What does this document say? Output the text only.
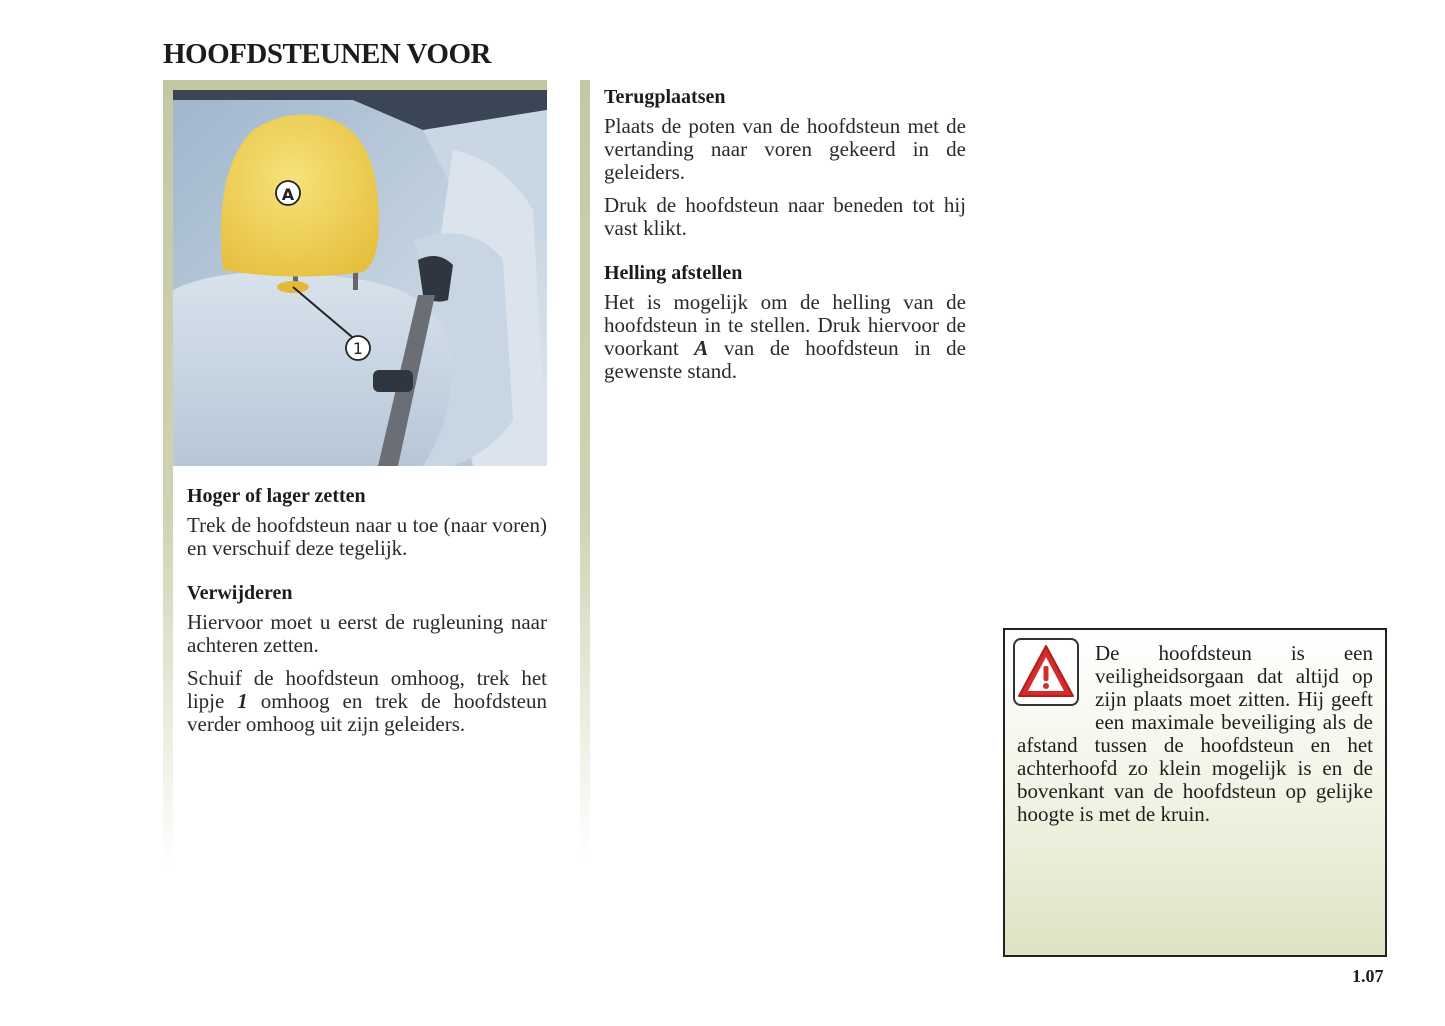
HOOFDSTEUNEN VOOR
A
1
Hoger of lager zetten

Trek de hoofdsteun naar u toe (naar voren) en verschuif deze tegelijk.

Verwijderen

Hiervoor moet u eerst de rugleuning naar achteren zetten.

Schuif de hoofdsteun omhoog, trek het lipje 1 omhoog en trek de hoofdsteun verder omhoog uit zijn geleiders.

Terugplaatsen

Plaats de poten van de hoofdsteun met de vertanding naar voren gekeerd in de geleiders.

Druk de hoofdsteun naar beneden tot hij vast klikt.

Helling afstellen

Het is mogelijk om de helling van de hoofdsteun in te stellen. Druk hiervoor de voorkant A van de hoofdsteun in de gewenste stand.

De hoofdsteun is een veiligheidsorgaan dat altijd op zijn plaats moet zitten. Hij geeft een maximale beveiliging als de afstand tussen de hoofdsteun en het achterhoofd zo klein mogelijk is en de bovenkant van de hoofdsteun op gelijke hoogte is met de kruin.
1.07
